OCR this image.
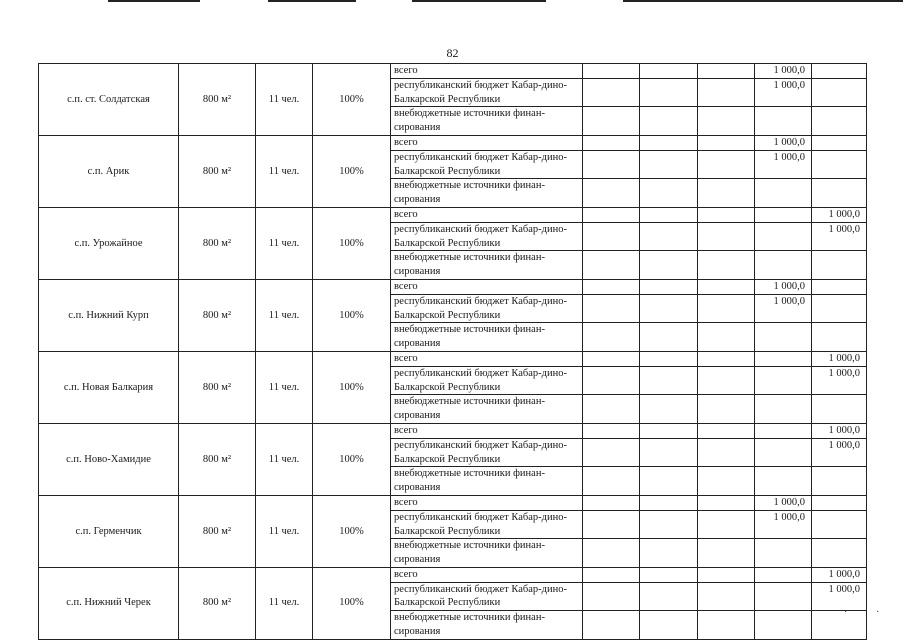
82
с.п. ст. Солдатская	800 м²	11 чел.	100%	всего				1 000,0	
				республиканский бюджет Кабар-дино-Балкарской Республики				1 000,0	
				внебюджетные источники финан-сирования					
с.п. Арик	800 м²	11 чел.	100%	всего				1 000,0	
				республиканский бюджет Кабар-дино-Балкарской Республики				1 000,0	
				внебюджетные источники финан-сирования					
с.п. Урожайное	800 м²	11 чел.	100%	всего					1 000,0
				республиканский бюджет Кабар-дино-Балкарской Республики					1 000,0
				внебюджетные источники финан-сирования					
с.п. Нижний Курп	800 м²	11 чел.	100%	всего				1 000,0	
				республиканский бюджет Кабар-дино-Балкарской Республики				1 000,0	
				внебюджетные источники финан-сирования					
с.п. Новая Балкария	800 м²	11 чел.	100%	всего					1 000,0
				республиканский бюджет Кабар-дино-Балкарской Республики					1 000,0
				внебюджетные источники финан-сирования					
с.п. Ново-Хамидие	800 м²	11 чел.	100%	всего					1 000,0
				республиканский бюджет Кабар-дино-Балкарской Республики					1 000,0
				внебюджетные источники финан-сирования					
с.п. Герменчик	800 м²	11 чел.	100%	всего				1 000,0	
				республиканский бюджет Кабар-дино-Балкарской Республики				1 000,0	
				внебюджетные источники финан-сирования					
с.п. Нижний Черек	800 м²	11 чел.	100%	всего					1 000,0
				республиканский бюджет Кабар-дино-Балкарской Республики					1 000,0
				внебюджетные источники финан-сирования					
·	·
